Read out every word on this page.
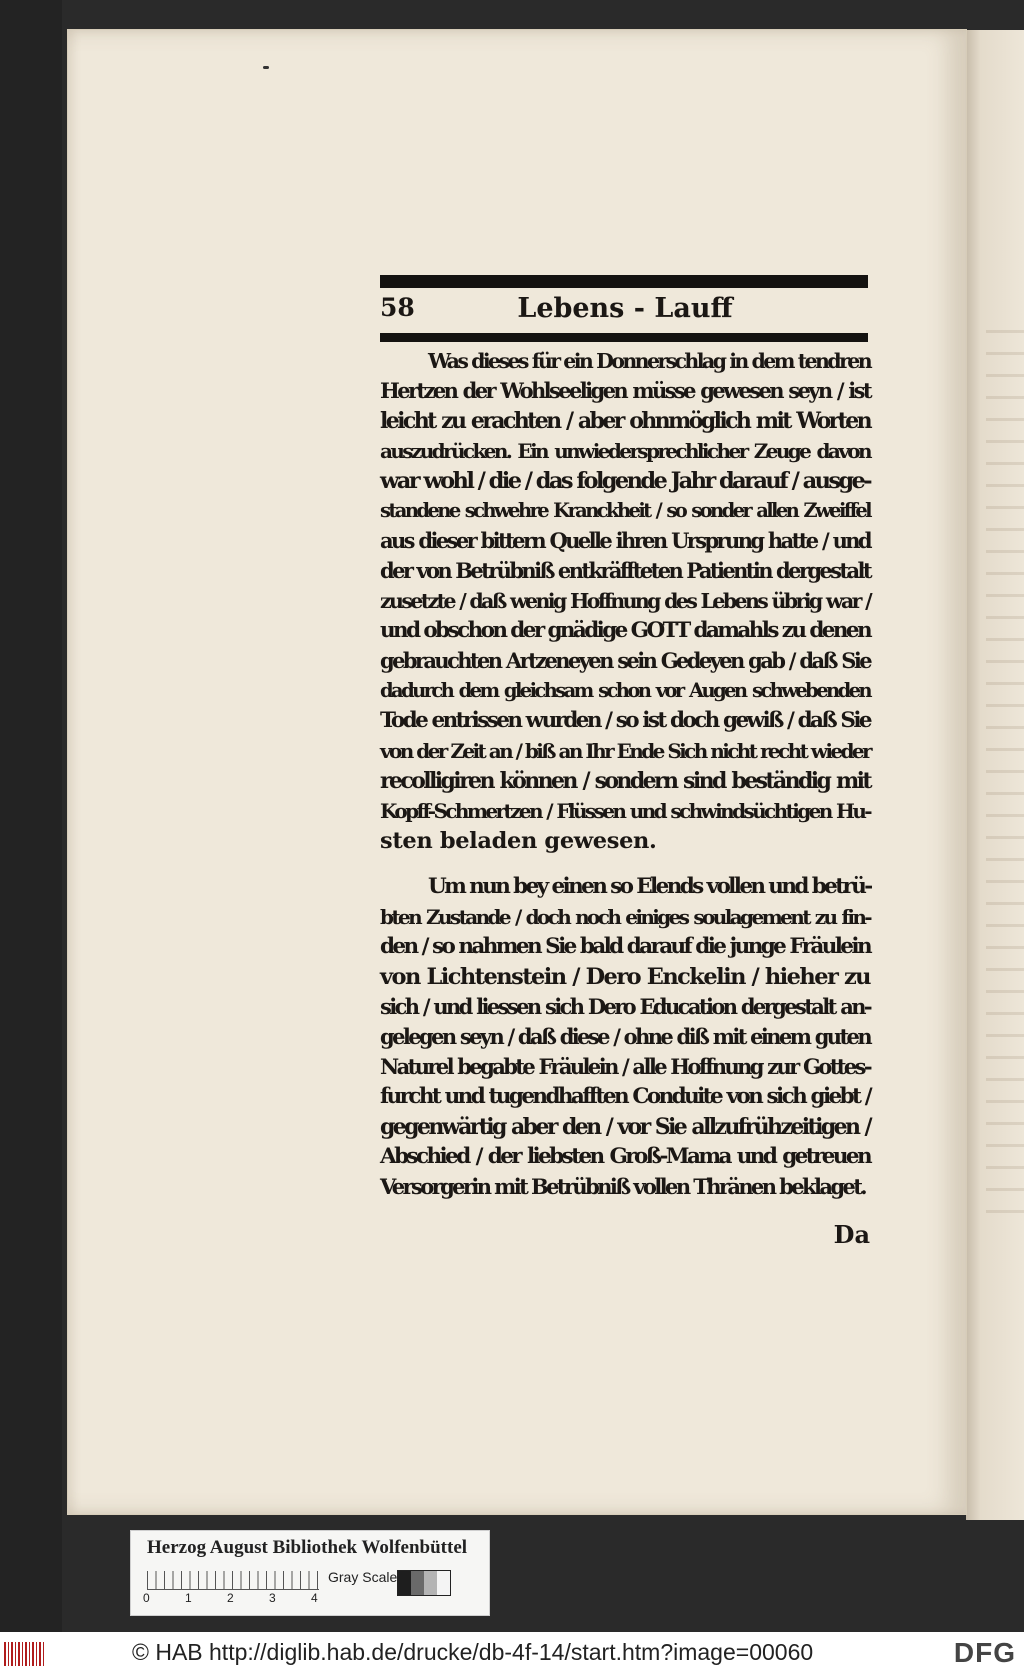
58	Lebens - Lauff

Was dieses für ein Donnerschlag in dem tendren

Hertzen der Wohlseeligen müsse gewesen seyn / ist

leicht zu erachten / aber ohnmöglich mit Worten

auszudrücken. Ein unwiedersprechlicher Zeuge davon

war wohl / die / das folgende Jahr darauf / ausge-

standene schwehre Kranckheit / so sonder allen Zweiffel

aus dieser bittern Quelle ihren Ursprung hatte / und

der von Betrübniß entkräffteten Patientin dergestalt

zusetzte / daß wenig Hoffnung des Lebens übrig war /

und obschon der gnädige GOTT damahls zu denen

gebrauchten Artzeneyen sein Gedeyen gab / daß Sie

dadurch dem gleichsam schon vor Augen schwebenden

Tode entrissen wurden / so ist doch gewiß / daß Sie

von der Zeit an / biß an Ihr Ende Sich nicht recht wieder

recolligiren können / sondern sind beständig mit

Kopff-Schmertzen / Flüssen und schwindsüchtigen Hu-

sten beladen gewesen.

Um nun bey einen so Elends vollen und betrü-

bten Zustande / doch noch einiges soulagement zu fin-

den / so nahmen Sie bald darauf die junge Fräulein

von Lichtenstein / Dero Enckelin / hieher zu

sich / und liessen sich Dero Education dergestalt an-

gelegen seyn / daß diese / ohne diß mit einem guten

Naturel begabte Fräulein / alle Hoffnung zur Gottes-

furcht und tugendhafften Conduite von sich giebt /

gegenwärtig aber den / vor Sie allzufrühzeitigen /

Abschied / der liebsten Groß-Mama und getreuen

Versorgerin mit Betrübniß vollen Thränen beklaget.

Da
Herzog August Bibliothek Wolfenbüttel
0	1	2	3	4
Gray Scale
© HAB http://diglib.hab.de/drucke/db-4f-14/start.htm?image=00060	DFG
